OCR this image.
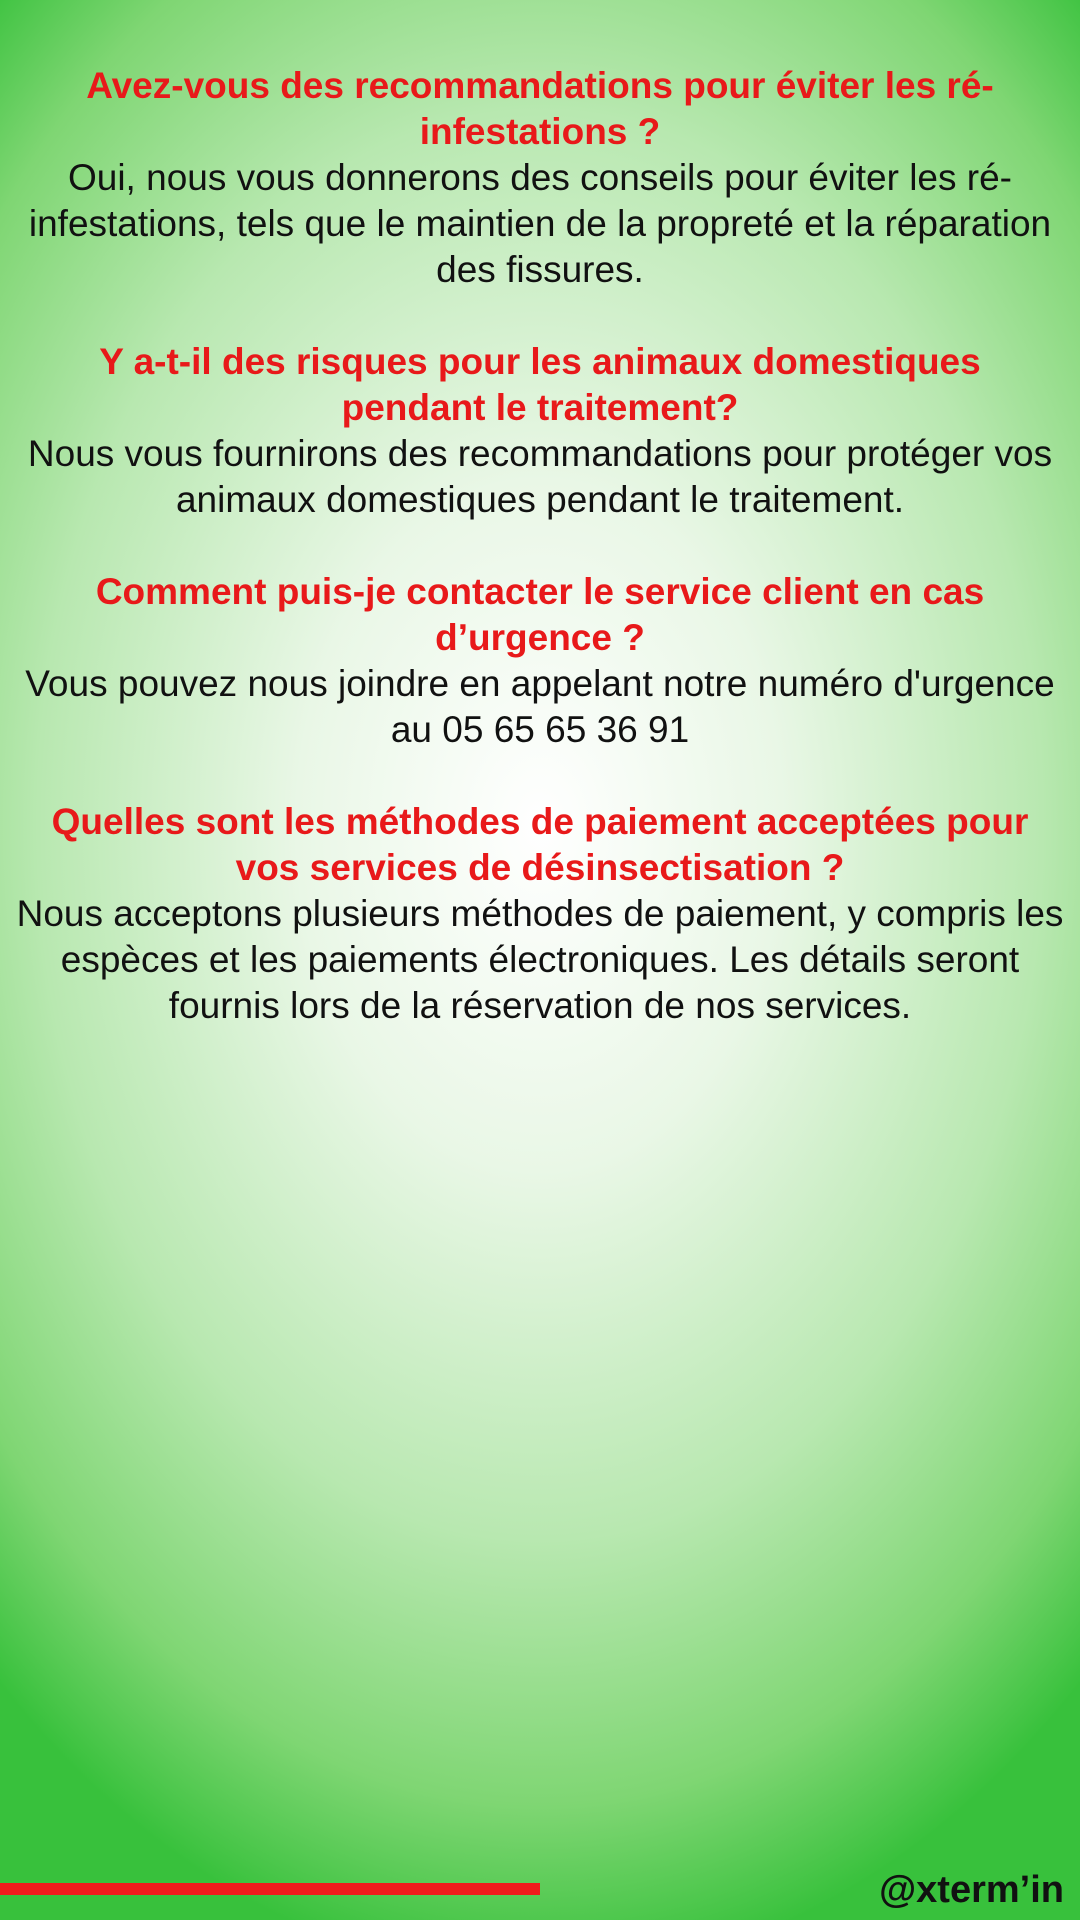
Avez-vous des recommandations pour éviter les ré-infestations ?

Oui, nous vous donnerons des conseils pour éviter les ré-infestations, tels que le maintien de la propreté et la réparation des fissures.

Y a-t-il des risques pour les animaux domestiques pendant le traitement?

Nous vous fournirons des recommandations pour protéger vos animaux domestiques pendant le traitement.

Comment puis-je contacter le service client en cas d’urgence ?

Vous pouvez nous joindre en appelant notre numéro d'urgence au 05 65 65 36 91

Quelles sont les méthodes de paiement acceptées pour vos services de désinsectisation ?

Nous acceptons plusieurs méthodes de paiement, y compris les espèces et les paiements électroniques. Les détails seront fournis lors de la réservation de nos services.

@xterm’in
